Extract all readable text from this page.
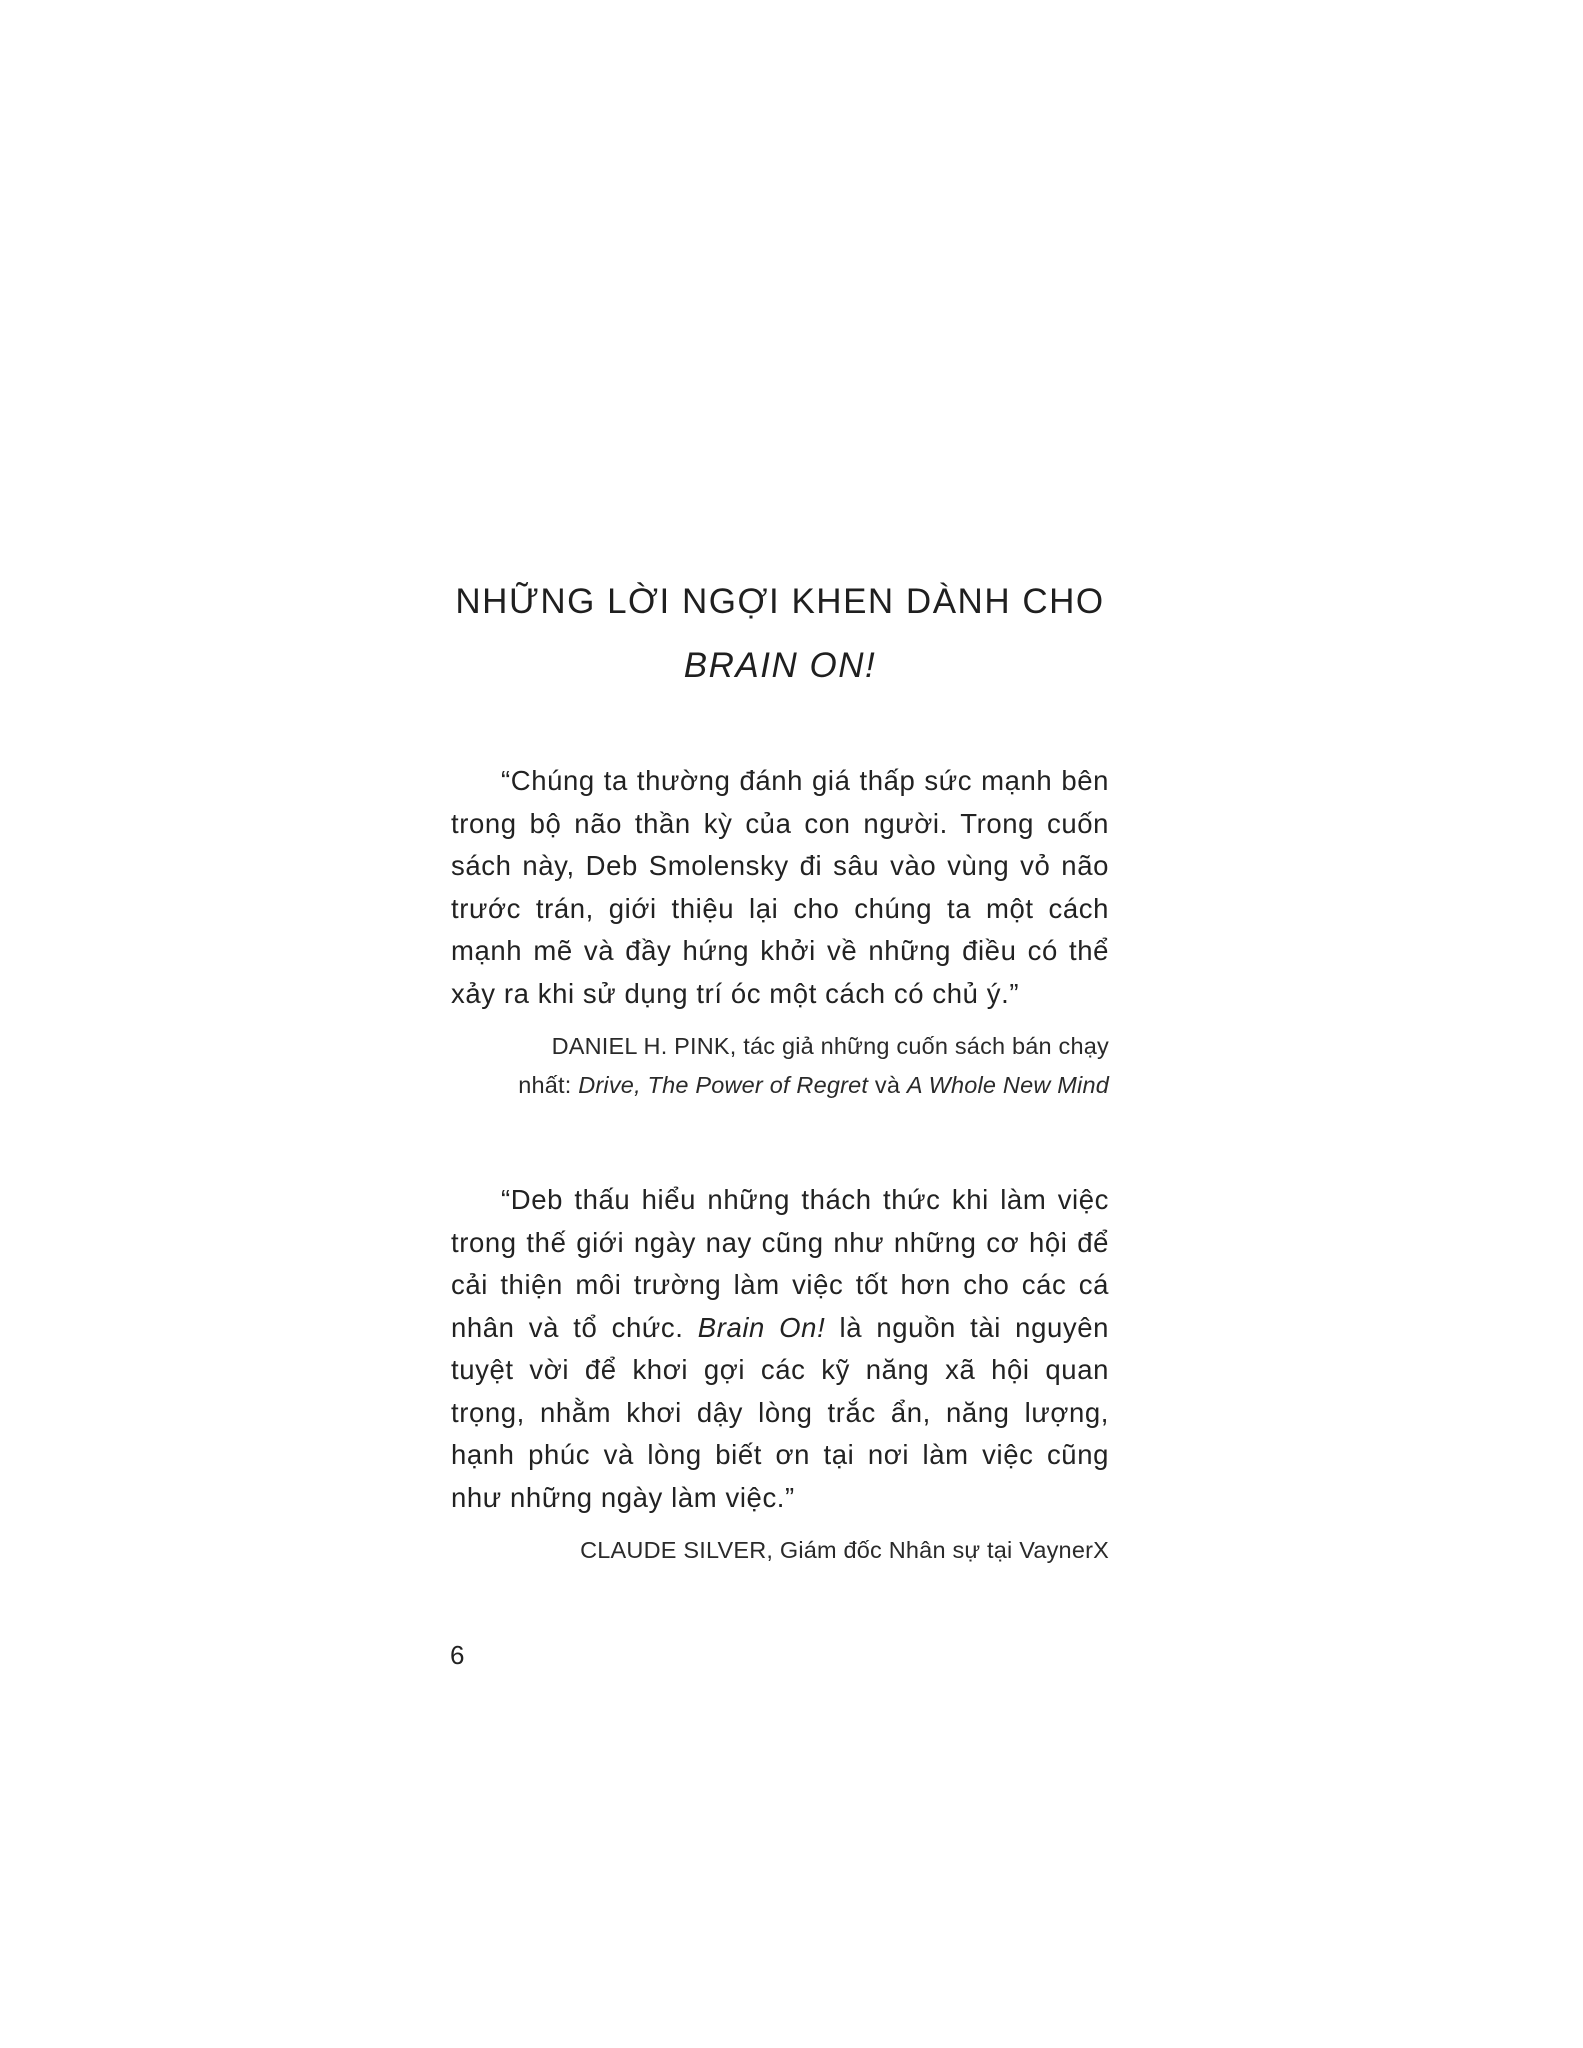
NHỮNG LỜI NGỢI KHEN DÀNH CHO
BRAIN ON!

“Chúng ta thường đánh giá thấp sức mạnh bên trong bộ não thần kỳ của con người. Trong cuốn sách này, Deb Smolensky đi sâu vào vùng vỏ não trước trán, giới thiệu lại cho chúng ta một cách mạnh mẽ và đầy hứng khởi về những điều có thể xảy ra khi sử dụng trí óc một cách có chủ ý.”

DANIEL H. PINK, tác giả những cuốn sách bán chạy
nhất: Drive, The Power of Regret và A Whole New Mind

“Deb thấu hiểu những thách thức khi làm việc trong thế giới ngày nay cũng như những cơ hội để cải thiện môi trường làm việc tốt hơn cho các cá nhân và tổ chức. Brain On! là nguồn tài nguyên tuyệt vời để khơi gợi các kỹ năng xã hội quan trọng, nhằm khơi dậy lòng trắc ẩn, năng lượng, hạnh phúc và lòng biết ơn tại nơi làm việc cũng như những ngày làm việc.”

CLAUDE SILVER, Giám đốc Nhân sự tại VaynerX
6
